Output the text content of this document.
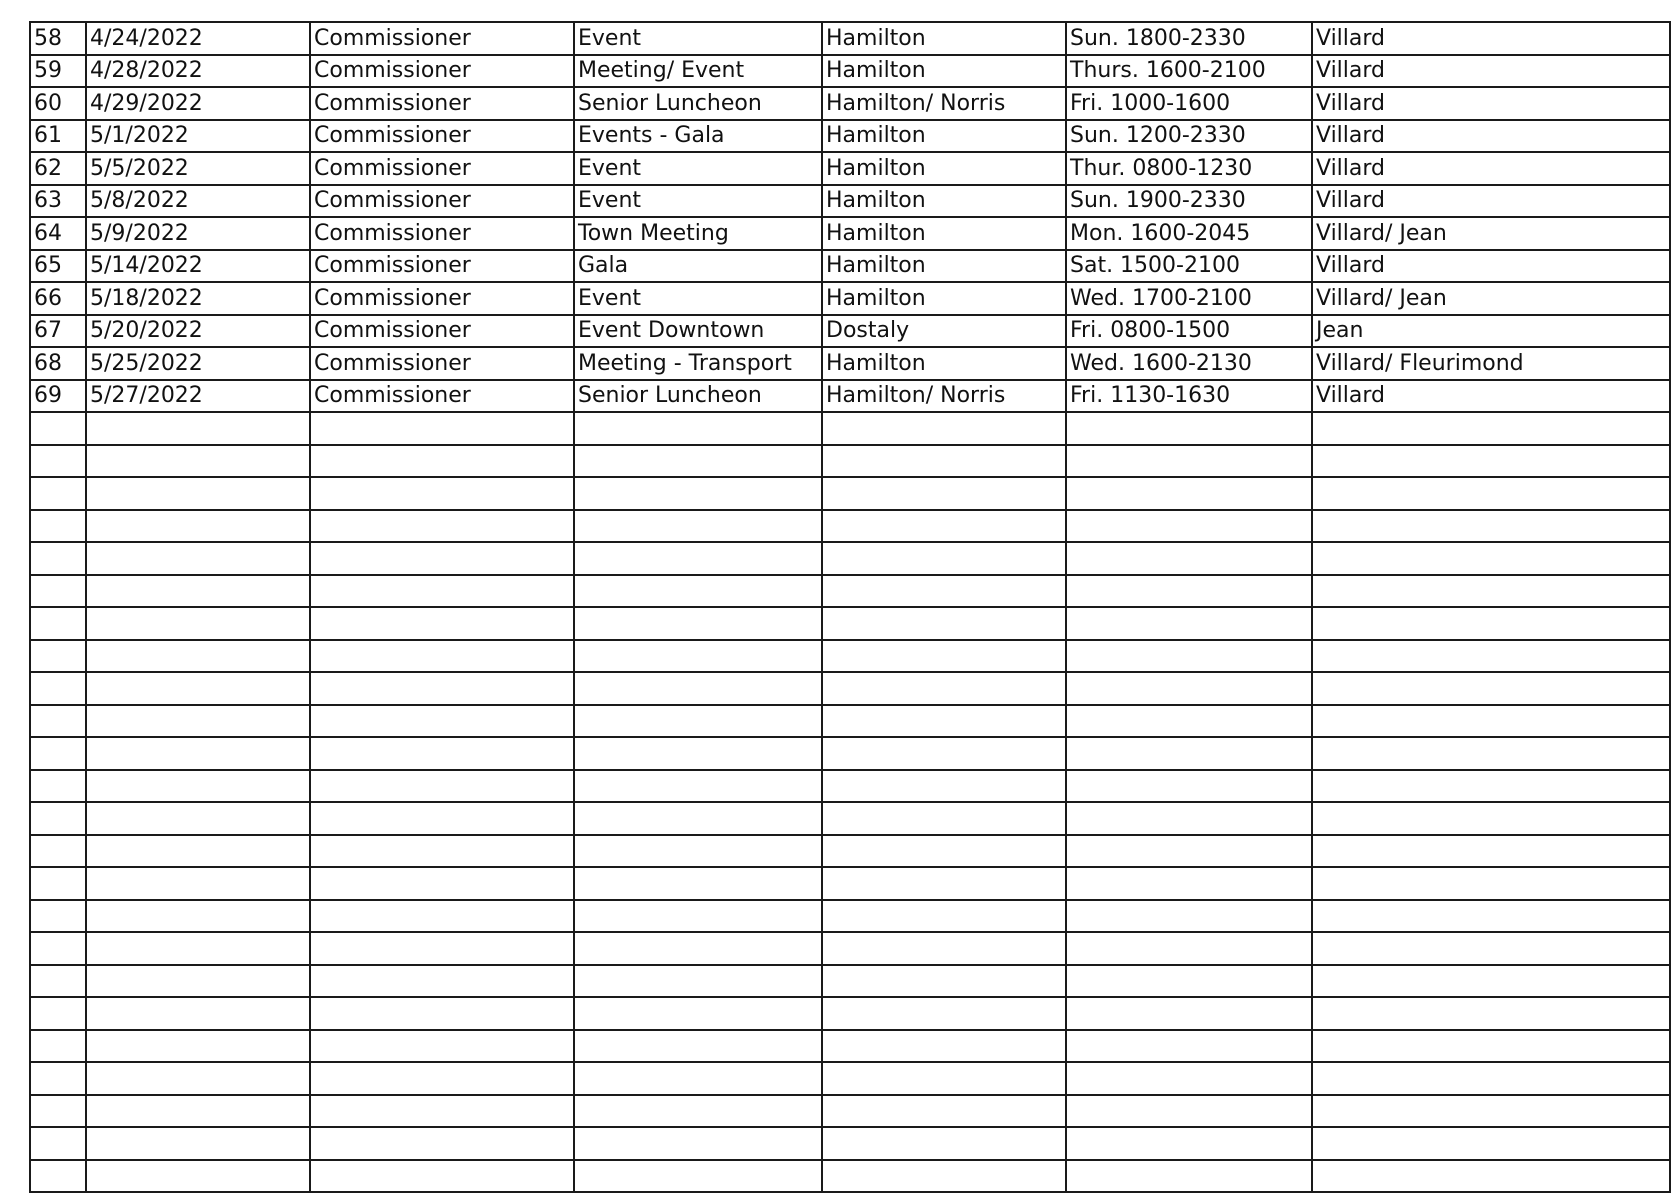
58	4/24/2022	Commissioner	Event	Hamilton	Sun. 1800-2330	Villard
59	4/28/2022	Commissioner	Meeting/ Event	Hamilton	Thurs. 1600-2100	Villard
60	4/29/2022	Commissioner	Senior Luncheon	Hamilton/ Norris	Fri. 1000-1600	Villard
61	5/1/2022	Commissioner	Events - Gala	Hamilton	Sun. 1200-2330	Villard
62	5/5/2022	Commissioner	Event	Hamilton	Thur. 0800-1230	Villard
63	5/8/2022	Commissioner	Event	Hamilton	Sun. 1900-2330	Villard
64	5/9/2022	Commissioner	Town Meeting	Hamilton	Mon. 1600-2045	Villard/ Jean
65	5/14/2022	Commissioner	Gala	Hamilton	Sat. 1500-2100	Villard
66	5/18/2022	Commissioner	Event	Hamilton	Wed. 1700-2100	Villard/ Jean
67	5/20/2022	Commissioner	Event Downtown	Dostaly	Fri. 0800-1500	Jean
68	5/25/2022	Commissioner	Meeting - Transport	Hamilton	Wed. 1600-2130	Villard/ Fleurimond
69	5/27/2022	Commissioner	Senior Luncheon	Hamilton/ Norris	Fri. 1130-1630	Villard
